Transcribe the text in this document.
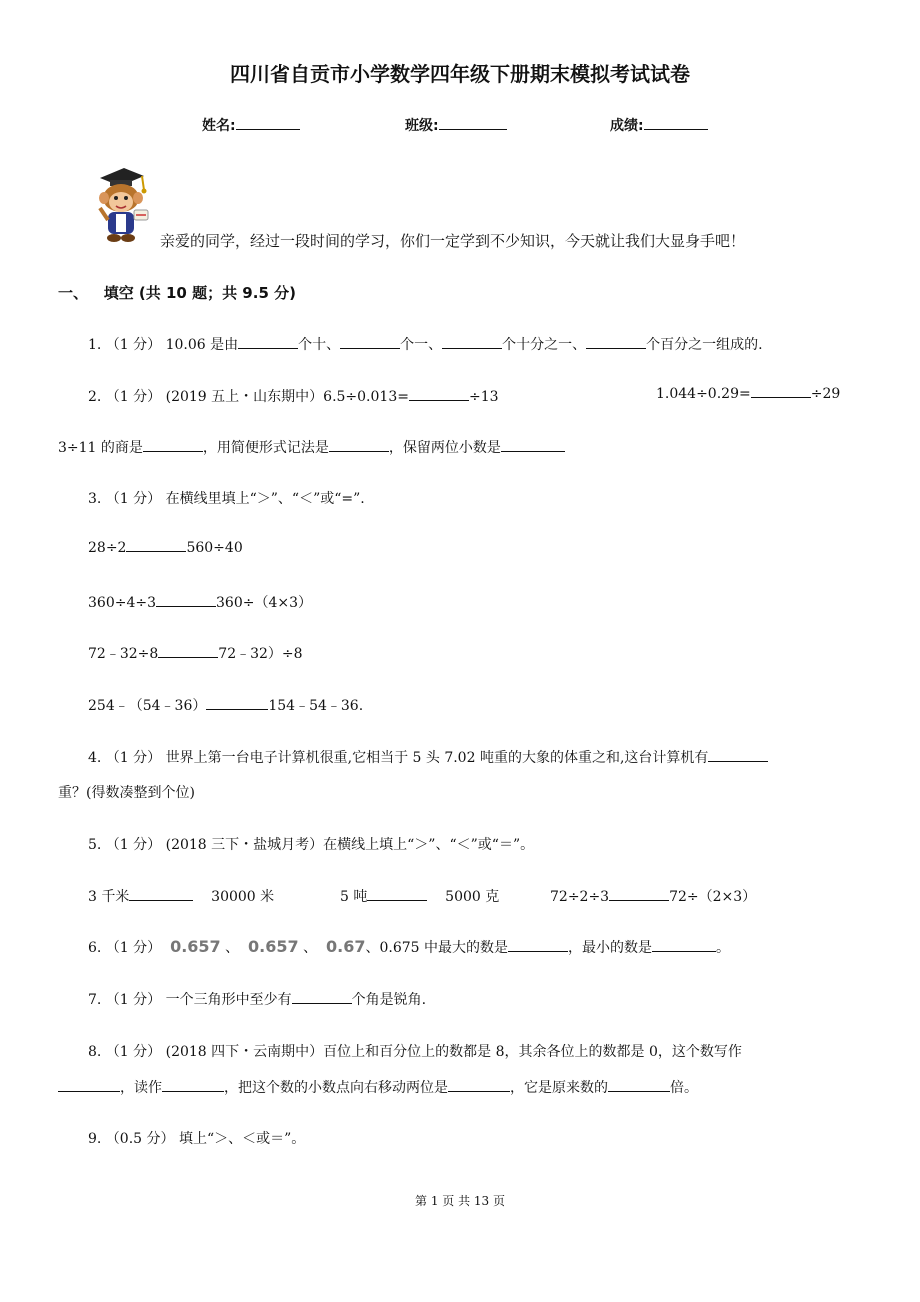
四川省自贡市小学数学四年级下册期末模拟考试试卷
姓名:	班级:	成绩:
亲爱的同学，经过一段时间的学习，你们一定学到不少知识，今天就让我们大显身手吧！
一、 填空 (共 10 题；共 9.5 分)
1. （1 分） 10.06 是由	个十、	个一、	个十分之一、	个百分之一组成的.
2. （1 分） (2019 五上・山东期中）6.5÷0.013=	÷13	1.044÷0.29=	÷29
3÷11 的商是	，用简便形式记法是	，保留两位小数是
3. （1 分） 在横线里填上“＞”、“＜”或“=”.
28÷2	560÷40
360÷4÷3	360÷（4×3）
72﹣32÷8	72﹣32）÷8
254﹣（54﹣36）	154﹣54﹣36.
4. （1 分） 世界上第一台电子计算机很重,它相当于 5 头 7.02 吨重的大象的体重之和,这台计算机有
重？(得数凑整到个位)
5. （1 分） (2018 三下・盐城月考）在横线上填上“＞”、“＜”或“＝”。
3 千米	30000 米	5 吨	5000 克	72÷2÷3	72÷（2×3）
6. （1 分） 0.657 、 0.657 、 0.67、0.675 中最大的数是	，最小的数是	。
7. （1 分） 一个三角形中至少有	个角是锐角.
8. （1 分） (2018 四下・云南期中）百位上和百分位上的数都是 8，其余各位上的数都是 0，这个数写作
，读作	，把这个数的小数点向右移动两位是	，它是原来数的	倍。
9. （0.5 分） 填上“＞、＜或＝”。
第 1 页 共 13 页
